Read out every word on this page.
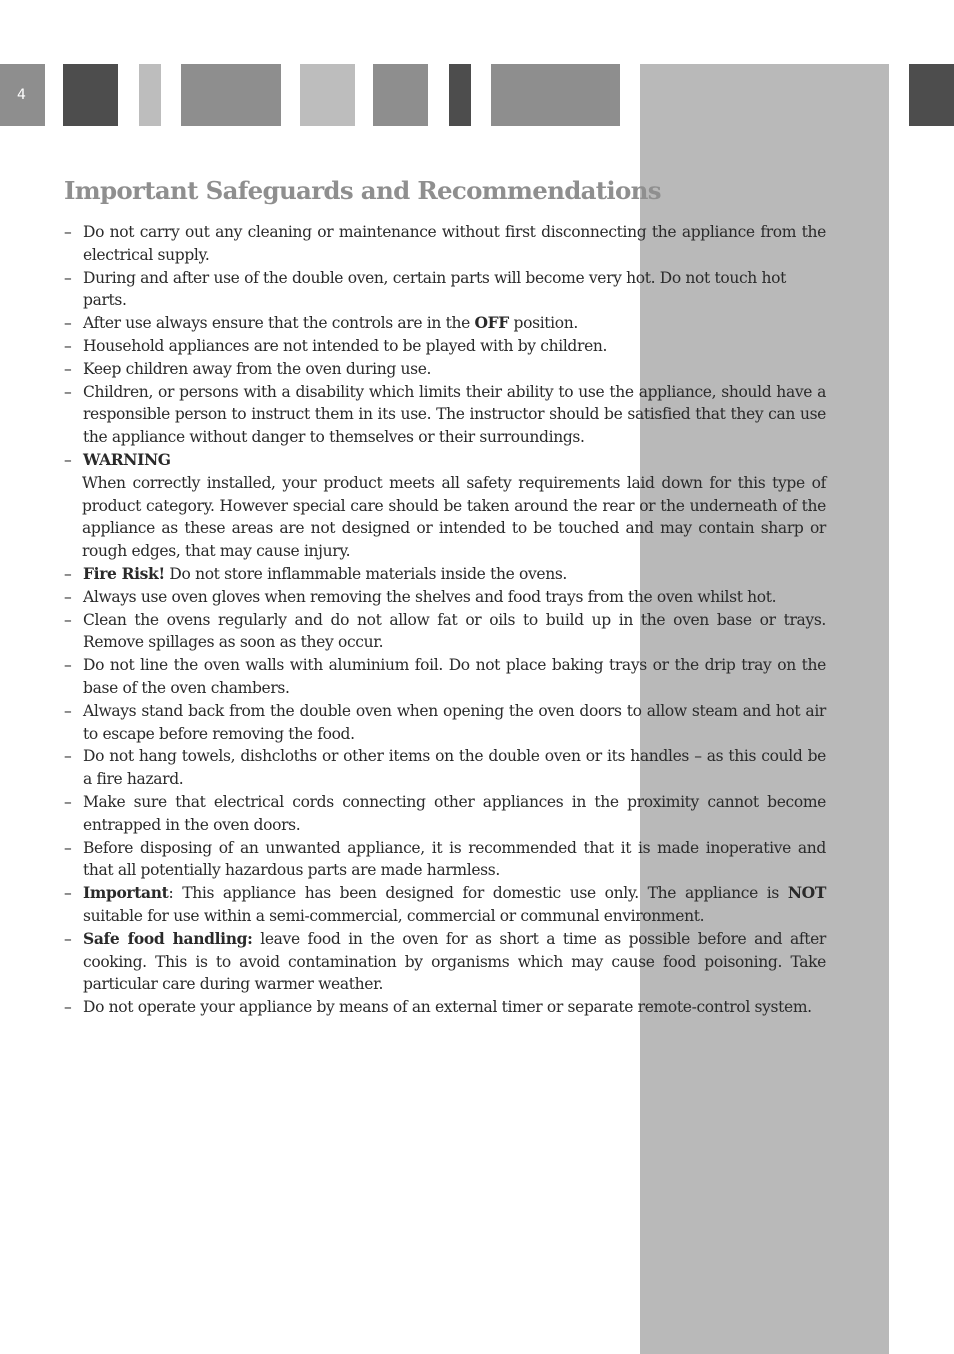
4
Important Safeguards and Recommendations
– Do not carry out any cleaning or maintenance without first disconnecting the appliance from the electrical supply.
– During and after use of the double oven, certain parts will become very hot. Do not touch hot parts.
– After use always ensure that the controls are in the OFF position.
– Household appliances are not intended to be played with by children.
– Keep children away from the oven during use.
– Children, or persons with a disability which limits their ability to use the appliance, should have a responsible person to instruct them in its use. The instructor should be satisfied that they can use the appliance without danger to themselves or their surroundings.
– WARNING
When correctly installed, your product meets all safety requirements laid down for this type of product category. However special care should be taken around the rear or the underneath of the appliance as these areas are not designed or intended to be touched and may contain sharp or rough edges, that may cause injury.
– Fire Risk! Do not store inflammable materials inside the ovens.
– Always use oven gloves when removing the shelves and food trays from the oven whilst hot.
– Clean the ovens regularly and do not allow fat or oils to build up in the oven base or trays. Remove spillages as soon as they occur.
– Do not line the oven walls with aluminium foil. Do not place baking trays or the drip tray on the base of the oven chambers.
– Always stand back from the double oven when opening the oven doors to allow steam and hot air to escape before removing the food.
– Do not hang towels, dishcloths or other items on the double oven or its handles – as this could be a fire hazard.
– Make sure that electrical cords connecting other appliances in the proximity cannot become entrapped in the oven doors.
– Before disposing of an unwanted appliance, it is recommended that it is made inoperative and that all potentially hazardous parts are made harmless.
– Important: This appliance has been designed for domestic use only. The appliance is NOT suitable for use within a semi-commercial, commercial or communal environment.
– Safe food handling: leave food in the oven for as short a time as possible before and after cooking. This is to avoid contamination by organisms which may cause food poisoning. Take particular care during warmer weather.
– Do not operate your appliance by means of an external timer or separate remote-control system.
